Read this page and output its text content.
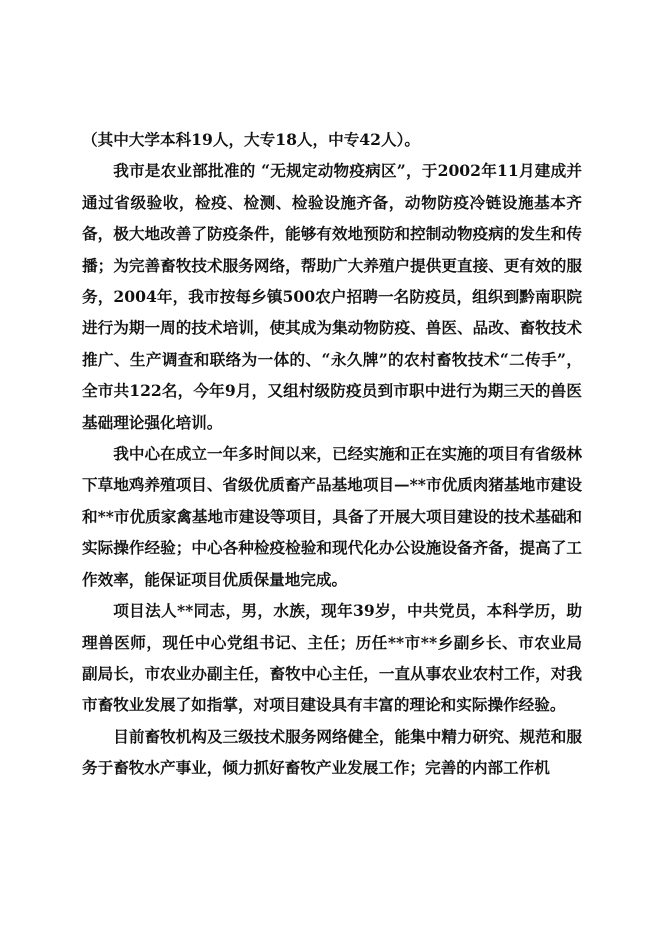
（其中大学本科19人，大专18人，中专42人）。

我市是农业部批准的 “无规定动物疫病区”，于2002年11月建成并通过省级验收，检疫、检测、检验设施齐备，动物防疫冷链设施基本齐备，极大地改善了防疫条件，能够有效地预防和控制动物疫病的发生和传播；为完善畜牧技术服务网络，帮助广大养殖户提供更直接、更有效的服务，2004年，我市按每乡镇500农户招聘一名防疫员，组织到黔南职院进行为期一周的技术培训，使其成为集动物防疫、兽医、品改、畜牧技术推广、生产调查和联络为一体的、“永久牌”的农村畜牧技术“二传手”，全市共122名，今年9月，又组村级防疫员到市职中进行为期三天的兽医基础理论强化培训。

我中心在成立一年多时间以来，已经实施和正在实施的项目有省级林下草地鸡养殖项目、省级优质畜产品基地项目—**市优质肉猪基地市建设和**市优质家禽基地市建设等项目，具备了开展大项目建设的技术基础和实际操作经验；中心各种检疫检验和现代化办公设施设备齐备，提高了工作效率，能保证项目优质保量地完成。

项目法人**同志，男，水族，现年39岁，中共党员，本科学历，助理兽医师，现任中心党组书记、主任；历任**市**乡副乡长、市农业局副局长，市农业办副主任，畜牧中心主任，一直从事农业农村工作，对我市畜牧业发展了如指掌，对项目建设具有丰富的理论和实际操作经验。

目前畜牧机构及三级技术服务网络健全，能集中精力研究、规范和服务于畜牧水产事业，倾力抓好畜牧产业发展工作；完善的内部工作机
